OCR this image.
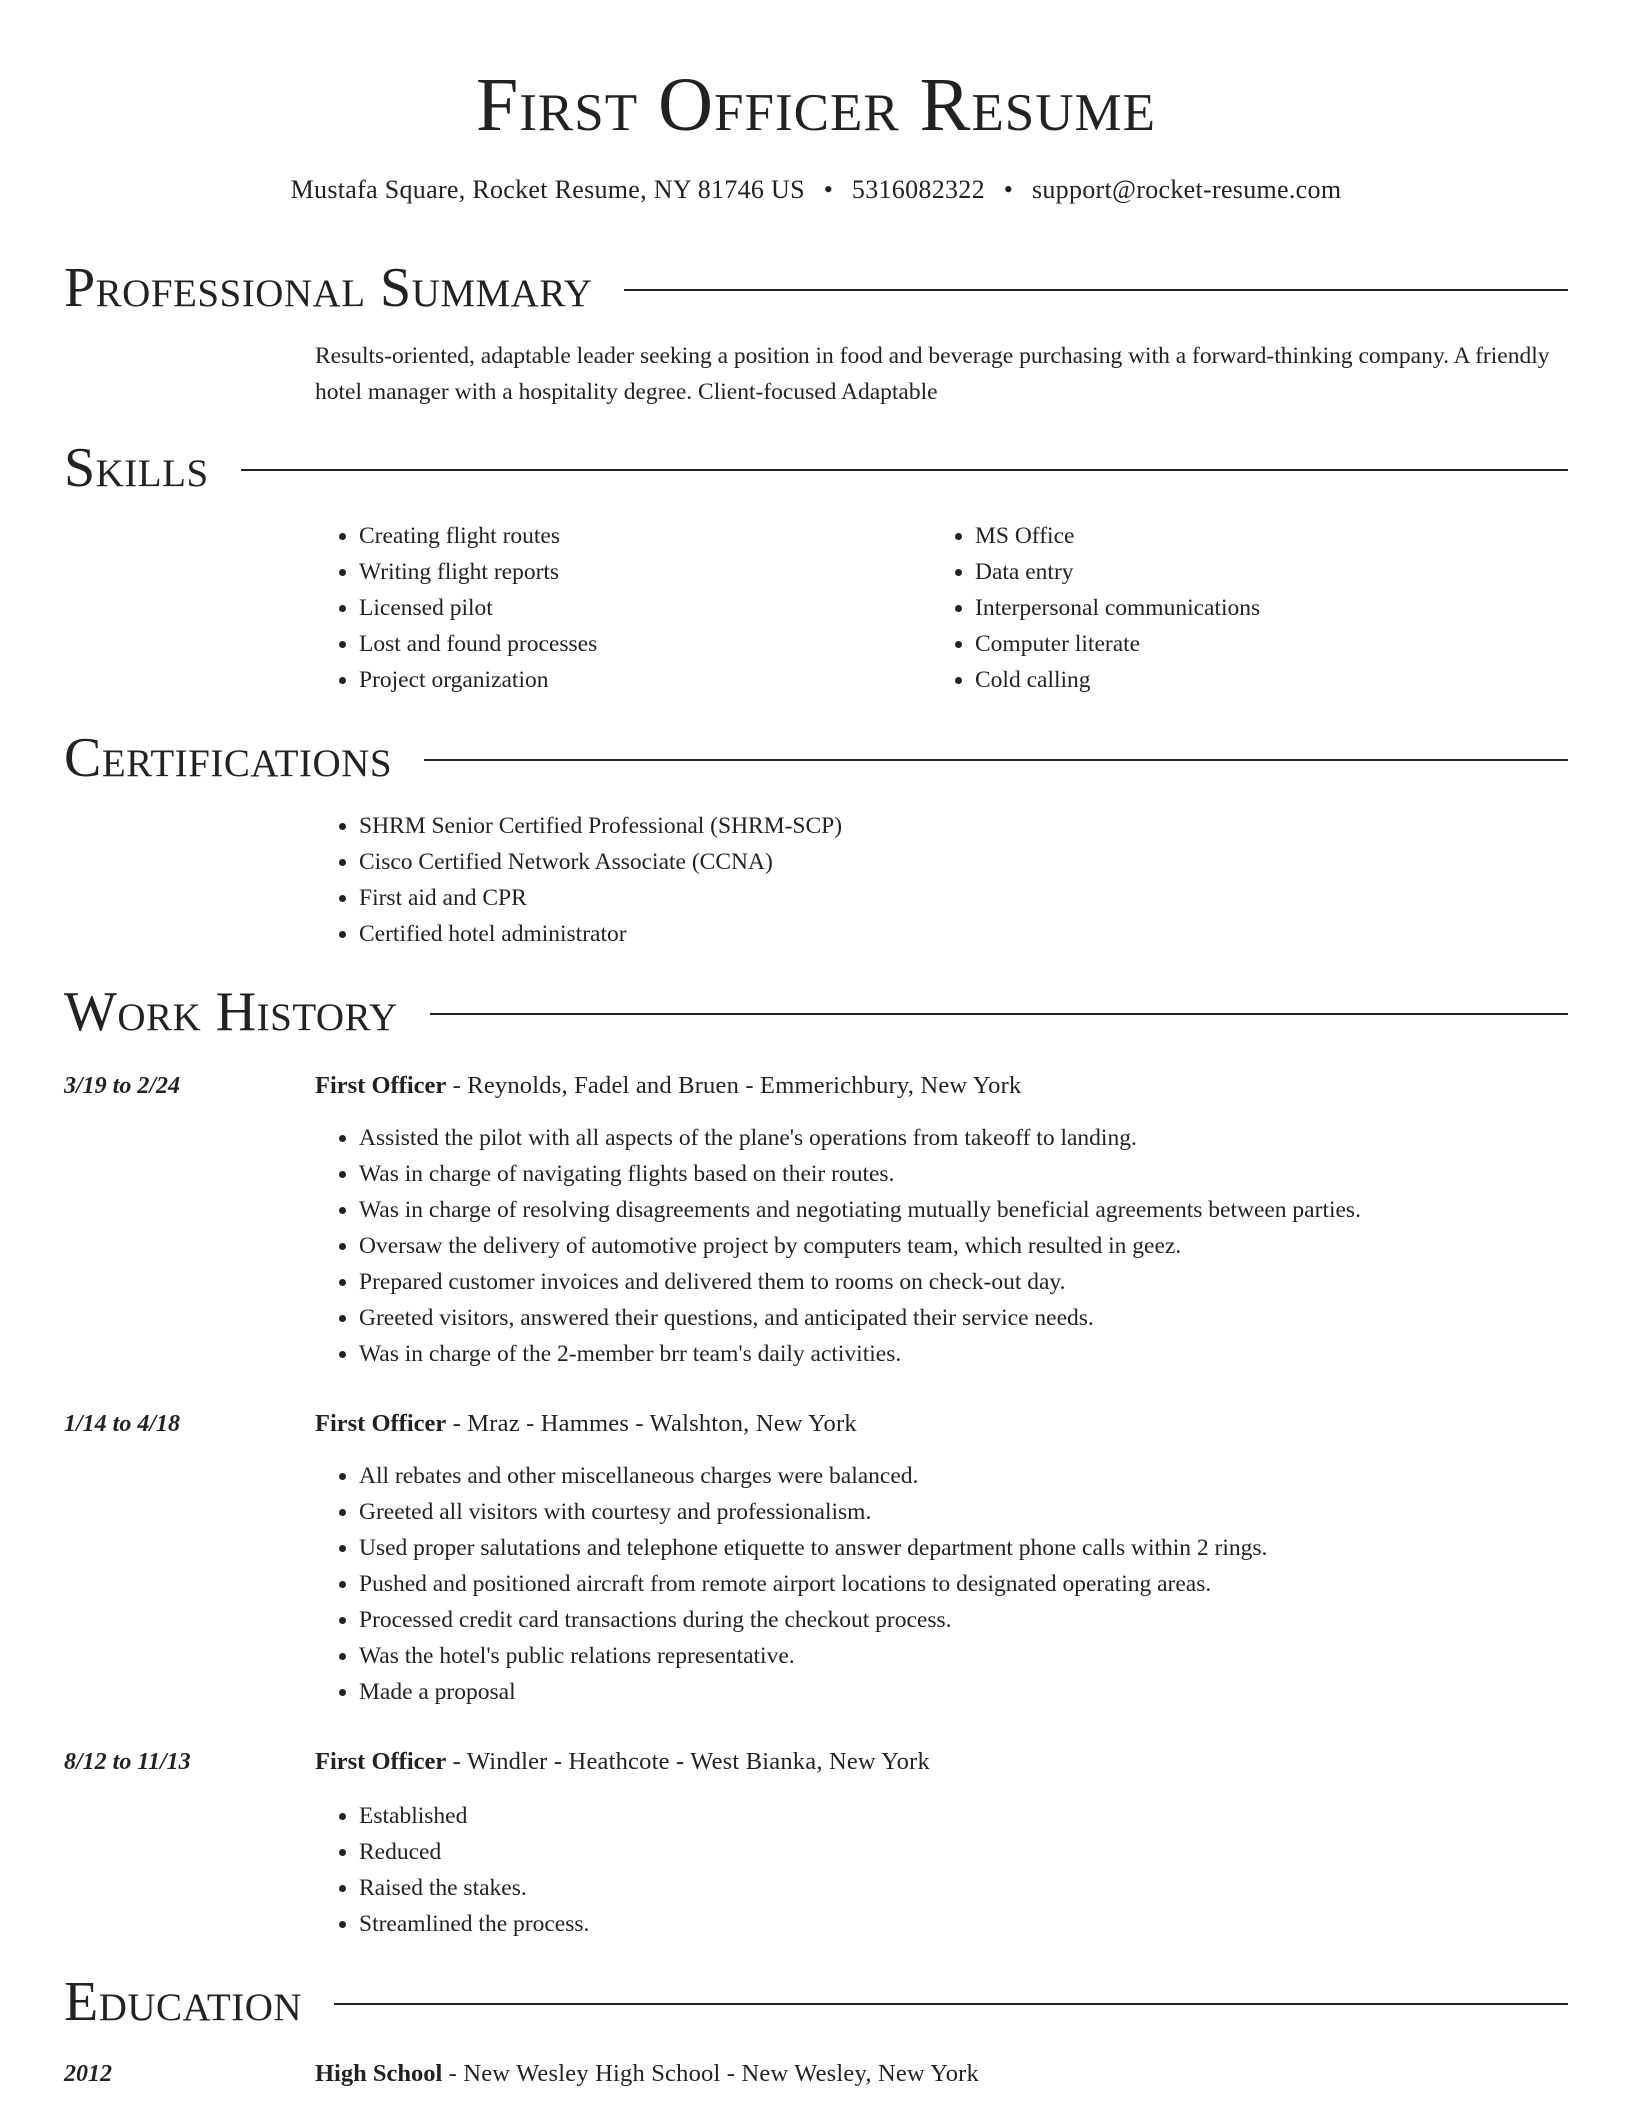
First Officer Resume
Mustafa Square, Rocket Resume, NY 81746 US • 5316082322 • support@rocket-resume.com
Professional Summary
Results-oriented, adaptable leader seeking a position in food and beverage purchasing with a forward-thinking company. A friendly hotel manager with a hospitality degree. Client-focused Adaptable
Skills
• Creating flight routes
• Writing flight reports
• Licensed pilot
• Lost and found processes
• Project organization
• MS Office
• Data entry
• Interpersonal communications
• Computer literate
• Cold calling
Certifications
• SHRM Senior Certified Professional (SHRM-SCP)
• Cisco Certified Network Associate (CCNA)
• First aid and CPR
• Certified hotel administrator
Work History
3/19 to 2/24	First Officer - Reynolds, Fadel and Bruen - Emmerichbury, New York
• Assisted the pilot with all aspects of the plane's operations from takeoff to landing.
• Was in charge of navigating flights based on their routes.
• Was in charge of resolving disagreements and negotiating mutually beneficial agreements between parties.
• Oversaw the delivery of automotive project by computers team, which resulted in geez.
• Prepared customer invoices and delivered them to rooms on check-out day.
• Greeted visitors, answered their questions, and anticipated their service needs.
• Was in charge of the 2-member brr team's daily activities.
1/14 to 4/18	First Officer - Mraz - Hammes - Walshton, New York
• All rebates and other miscellaneous charges were balanced.
• Greeted all visitors with courtesy and professionalism.
• Used proper salutations and telephone etiquette to answer department phone calls within 2 rings.
• Pushed and positioned aircraft from remote airport locations to designated operating areas.
• Processed credit card transactions during the checkout process.
• Was the hotel's public relations representative.
• Made a proposal
8/12 to 11/13	First Officer - Windler - Heathcote - West Bianka, New York
• Established
• Reduced
• Raised the stakes.
• Streamlined the process.
Education
2012	High School - New Wesley High School - New Wesley, New York
